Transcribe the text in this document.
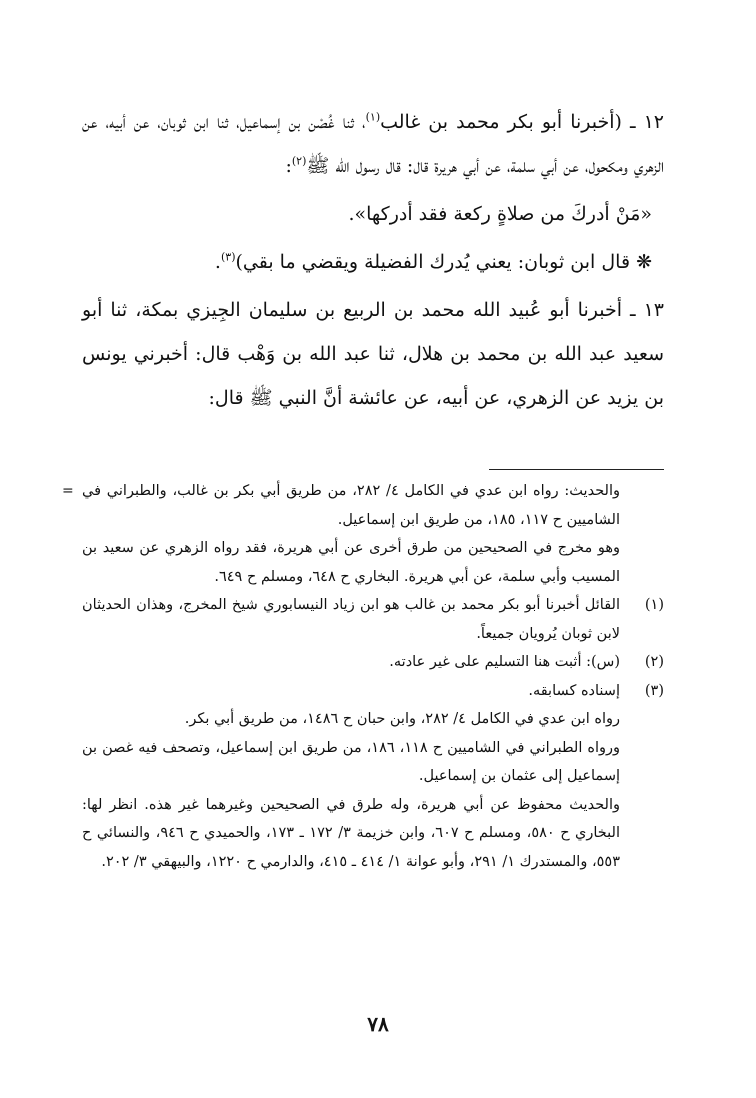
١٢ ـ (أخبرنا أبو بكر محمد بن غالب$^{(١)}$، ثنا غُصْن بن إسماعيل، ثنا ابن ثوبان، عن أبيه، عن الزهري ومكحول، عن أبي سلمة، عن أبي هريرة قال: قال رسول الله ﷺ$^{(٢)}$:

«مَنْ أدركَ من صلاةٍ ركعة فقد أدركها».

❋ قال ابن ثوبان: يعني يُدرك الفضيلة ويقضي ما بقي)$^{(٣)}$.

١٣ ـ أخبرنا أبو عُبيد الله محمد بن الربيع بن سليمان الجِيزي بمكة، ثنا أبو سعيد عبد الله بن محمد بن هلال، ثنا عبد الله بن وَهْب قال: أخبرني يونس بن يزيد عن الزهري، عن أبيه، عن عائشة أنَّ النبي ﷺ قال:

= والحديث: رواه ابن عدي في الكامل ٤/ ٢٨٢، من طريق أبي بكر بن غالب، والطبراني في الشاميين ح ١١٧، ١٨٥، من طريق ابن إسماعيل.

وهو مخرج في الصحيحين من طرق أخرى عن أبي هريرة، فقد رواه الزهري عن سعيد بن المسيب وأبي سلمة، عن أبي هريرة. البخاري ح ٦٤٨، ومسلم ح ٦٤٩.

(١)
القائل أخبرنا أبو بكر محمد بن غالب هو ابن زياد النيسابوري شيخ المخرج، وهذان الحديثان لابن ثوبان يُرويان جميعاً.
(٢)
(س): أثبت هنا التسليم على غير عادته.
(٣)

إسناده كسابقه.

رواه ابن عدي في الكامل ٤/ ٢٨٢، وابن حبان ح ١٤٨٦، من طريق أبي بكر.

ورواه الطبراني في الشاميين ح ١١٨، ١٨٦، من طريق ابن إسماعيل، وتصحف فيه غصن بن إسماعيل إلى عثمان بن إسماعيل.

والحديث محفوظ عن أبي هريرة، وله طرق في الصحيحين وغيرهما غير هذه. انظر لها: البخاري ح ٥٨٠، ومسلم ح ٦٠٧، وابن خزيمة ٣/ ١٧٢ ـ ١٧٣، والحميدي ح ٩٤٦، والنسائي ح ٥٥٣، والمستدرك ١/ ٢٩١، وأبو عوانة ١/ ٤١٤ ـ ٤١٥، والدارمي ح ١٢٢٠، والبيهقي ٣/ ٢٠٢.

٧٨
